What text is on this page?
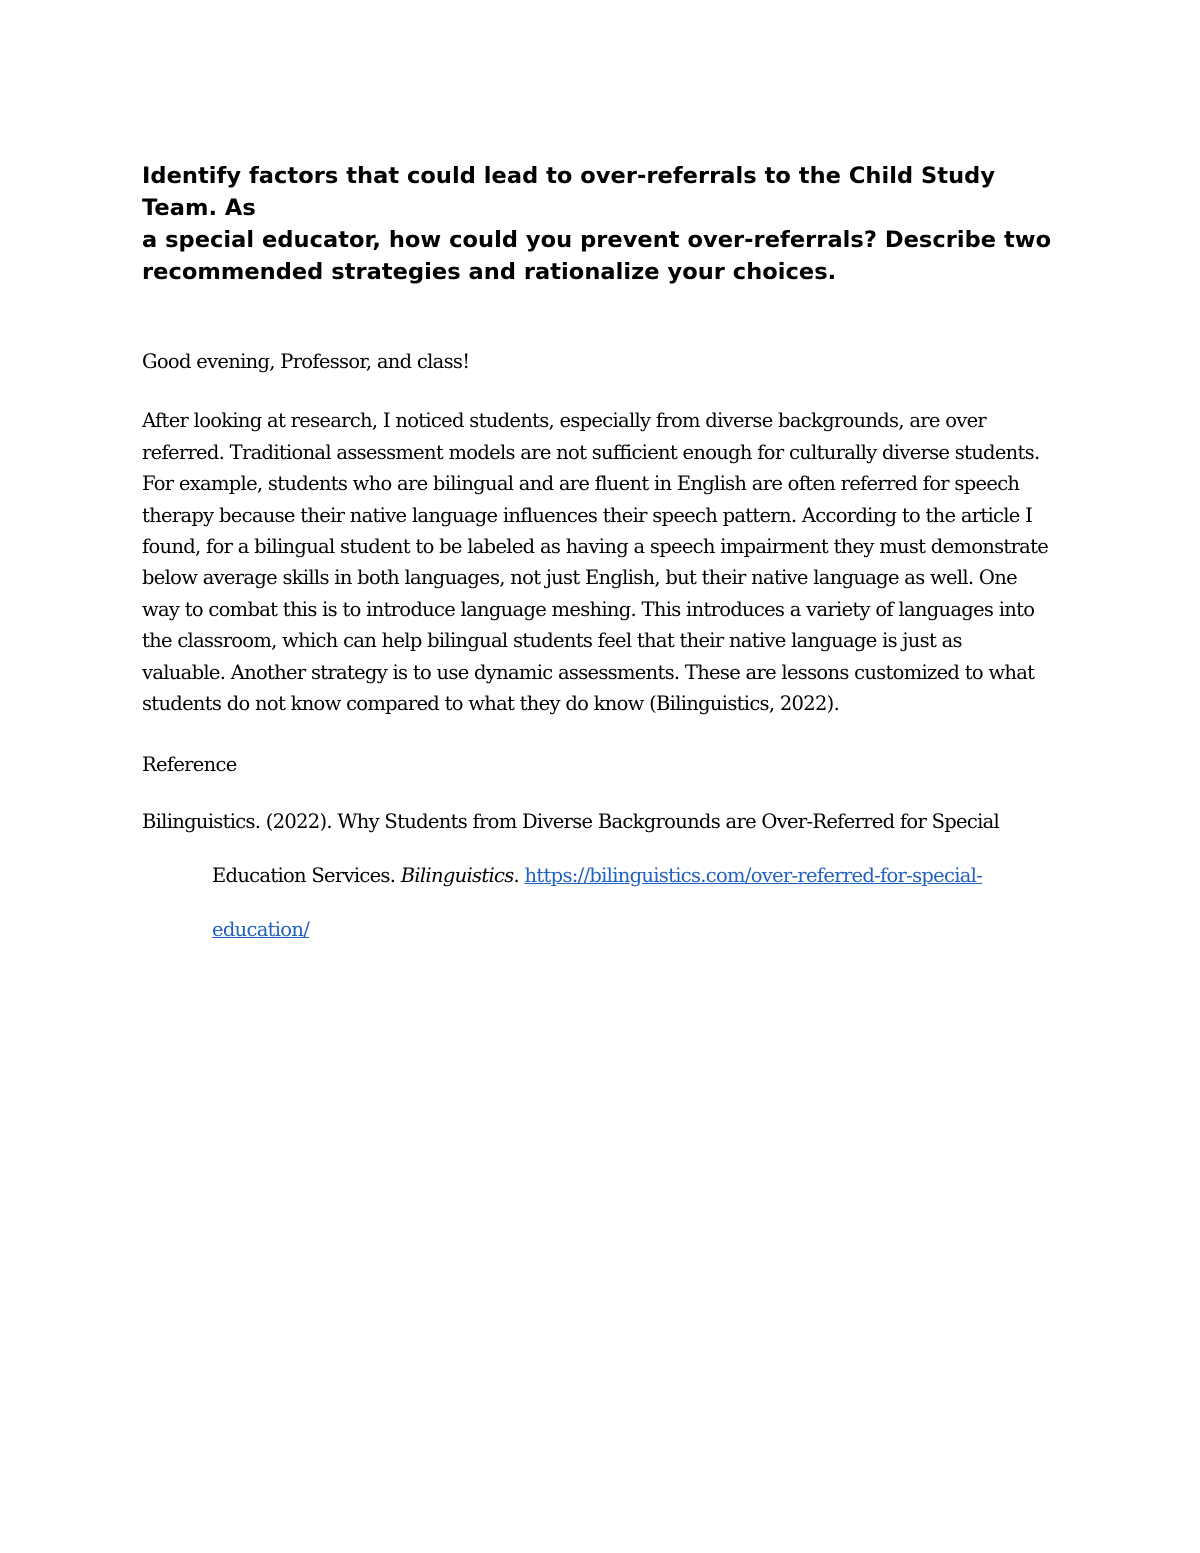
Identify factors that could lead to over-referrals to the Child Study Team. As
a special educator, how could you prevent over-referrals? Describe two
recommended strategies and rationalize your choices.

Good evening, Professor, and class!

After looking at research, I noticed students, especially from diverse backgrounds, are over
referred. Traditional assessment models are not sufficient enough for culturally diverse students.
For example, students who are bilingual and are fluent in English are often referred for speech
therapy because their native language influences their speech pattern. According to the article I
found, for a bilingual student to be labeled as having a speech impairment they must demonstrate
below average skills in both languages, not just English, but their native language as well. One
way to combat this is to introduce language meshing. This introduces a variety of languages into
the classroom, which can help bilingual students feel that their native language is just as
valuable. Another strategy is to use dynamic assessments. These are lessons customized to what
students do not know compared to what they do know (Bilinguistics, 2022).

Reference

Bilinguistics. (2022). Why Students from Diverse Backgrounds are Over-Referred for Special
Education Services. Bilinguistics. https://bilinguistics.com/over-referred-for-special-
education/
